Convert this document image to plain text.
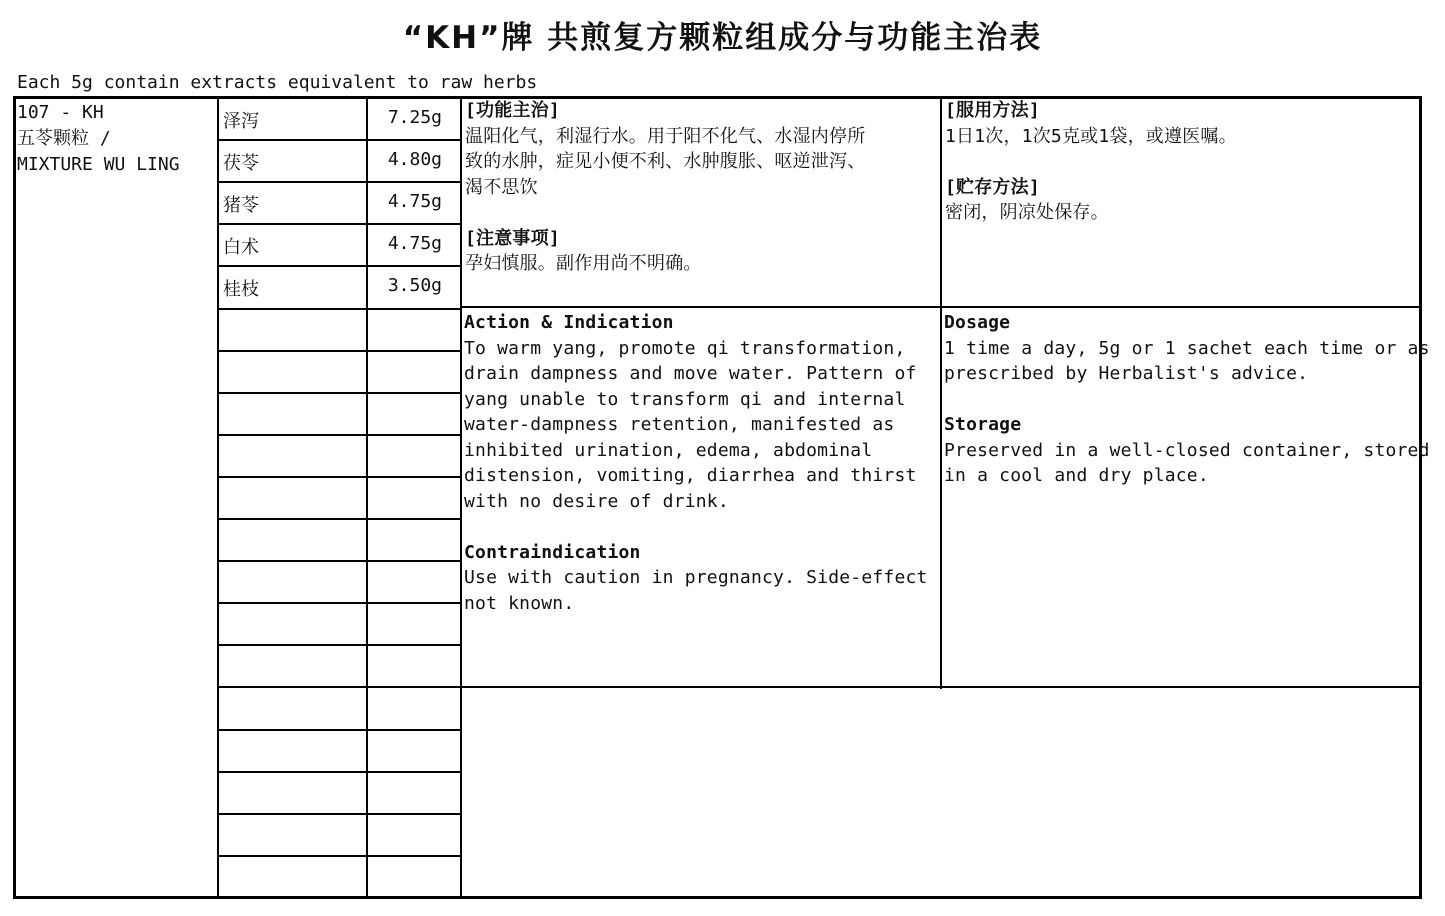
“KH”牌 共煎复方颗粒组成分与功能主治表
Each 5g contain extracts equivalent to raw herbs
107 - KH
五苓颗粒 /
MIXTURE WU LING
泽泻	7.25g
茯苓	4.80g
猪苓	4.75g
白术	4.75g
桂枝	3.50g
[功能主治]
温阳化气，利湿行水。用于阳不化气、水湿内停所
致的水肿，症见小便不利、水肿腹胀、呕逆泄泻、
渴不思饮
[注意事项]
孕妇慎服。副作用尚不明确。
[服用方法]
1日1次，1次5克或1袋，或遵医嘱。
[贮存方法]
密闭，阴凉处保存。
Action & Indication
To warm yang, promote qi transformation,
drain dampness and move water. Pattern of
yang unable to transform qi and internal
water-dampness retention, manifested as
inhibited urination, edema, abdominal
distension, vomiting, diarrhea and thirst
with no desire of drink.
Contraindication
Use with caution in pregnancy. Side-effect
not known.
Dosage
1 time a day, 5g or 1 sachet each time or as
prescribed by Herbalist's advice.
Storage
Preserved in a well-closed container, stored
in a cool and dry place.
